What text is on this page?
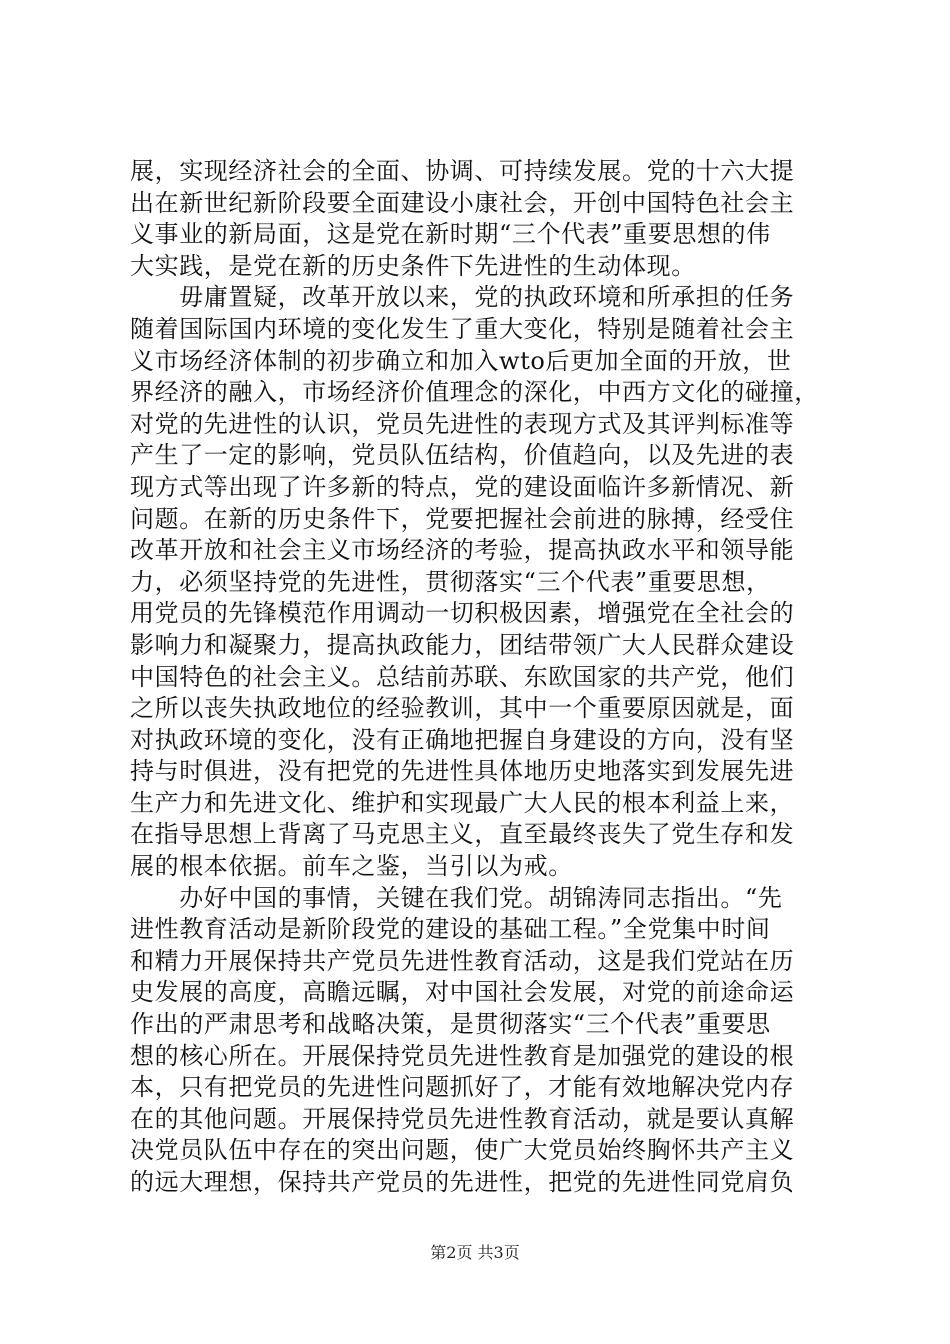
展，实现经济社会的全面、协调、可持续发展。党的十六大提
出在新世纪新阶段要全面建设小康社会，开创中国特色社会主
义事业的新局面，这是党在新时期“三个代表”重要思想的伟
大实践，是党在新的历史条件下先进性的生动体现。
　　毋庸置疑，改革开放以来，党的执政环境和所承担的任务
随着国际国内环境的变化发生了重大变化，特别是随着社会主
义市场经济体制的初步确立和加入wto后更加全面的开放，世
界经济的融入，市场经济价值理念的深化，中西方文化的碰撞，
对党的先进性的认识，党员先进性的表现方式及其评判标准等
产生了一定的影响，党员队伍结构，价值趋向，以及先进的表
现方式等出现了许多新的特点，党的建设面临许多新情况、新
问题。在新的历史条件下，党要把握社会前进的脉搏，经受住
改革开放和社会主义市场经济的考验，提高执政水平和领导能
力，必须坚持党的先进性，贯彻落实“三个代表”重要思想，
用党员的先锋模范作用调动一切积极因素，增强党在全社会的
影响力和凝聚力，提高执政能力，团结带领广大人民群众建设
中国特色的社会主义。总结前苏联、东欧国家的共产党，他们
之所以丧失执政地位的经验教训，其中一个重要原因就是，面
对执政环境的变化，没有正确地把握自身建设的方向，没有坚
持与时俱进，没有把党的先进性具体地历史地落实到发展先进
生产力和先进文化、维护和实现最广大人民的根本利益上来，
在指导思想上背离了马克思主义，直至最终丧失了党生存和发
展的根本依据。前车之鉴，当引以为戒。
　　办好中国的事情，关键在我们党。胡锦涛同志指出。“先
进性教育活动是新阶段党的建设的基础工程。”全党集中时间
和精力开展保持共产党员先进性教育活动，这是我们党站在历
史发展的高度，高瞻远瞩，对中国社会发展，对党的前途命运
作出的严肃思考和战略决策，是贯彻落实“三个代表”重要思
想的核心所在。开展保持党员先进性教育是加强党的建设的根
本，只有把党员的先进性问题抓好了，才能有效地解决党内存
在的其他问题。开展保持党员先进性教育活动，就是要认真解
决党员队伍中存在的突出问题，使广大党员始终胸怀共产主义
的远大理想，保持共产党员的先进性，把党的先进性同党肩负
第2页 共3页
